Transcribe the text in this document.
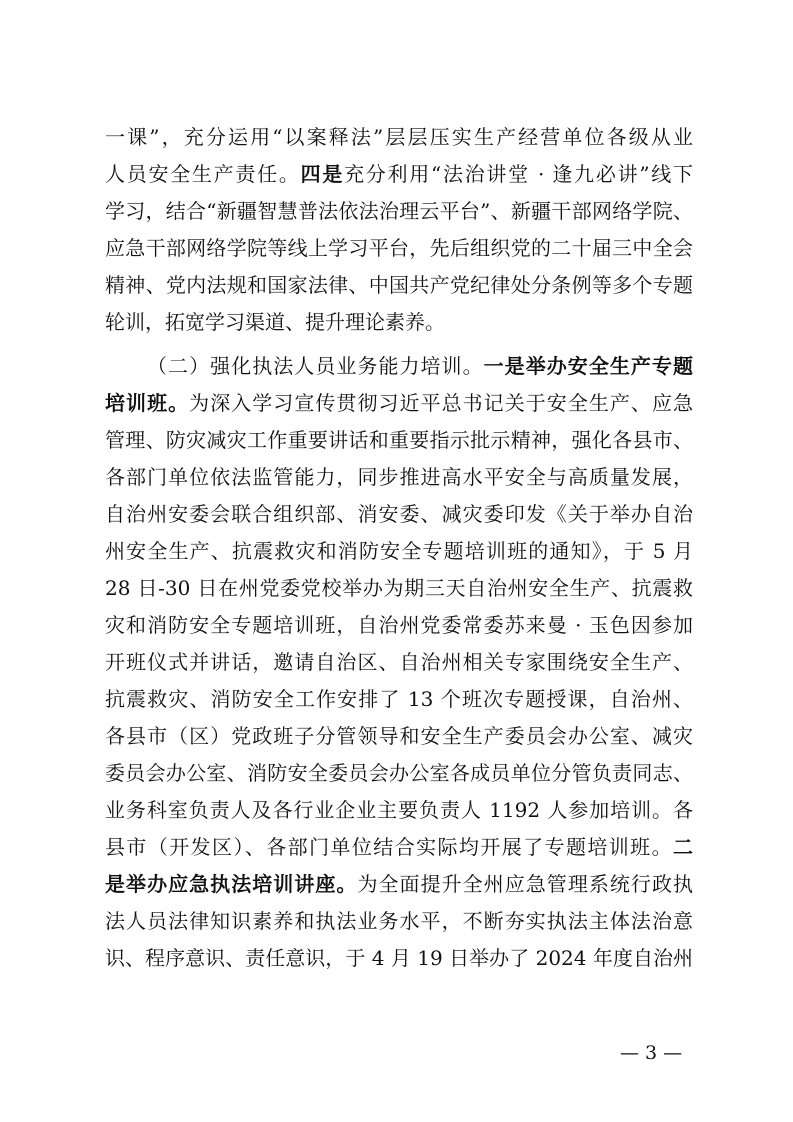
一课”，充分运用“以案释法”层层压实生产经营单位各级从业
人员安全生产责任。四是充分利用“法治讲堂 · 逢九必讲”线下
学习，结合“新疆智慧普法依法治理云平台”、新疆干部网络学院、
应急干部网络学院等线上学习平台，先后组织党的二十届三中全会
精神、党内法规和国家法律、中国共产党纪律处分条例等多个专题
轮训，拓宽学习渠道、提升理论素养。
（二）强化执法人员业务能力培训。一是举办安全生产专题
培训班。为深入学习宣传贯彻习近平总书记关于安全生产、应急
管理、防灾减灾工作重要讲话和重要指示批示精神，强化各县市、
各部门单位依法监管能力，同步推进高水平安全与高质量发展，
自治州安委会联合组织部、消安委、减灾委印发《关于举办自治
州安全生产、抗震救灾和消防安全专题培训班的通知》，于 5 月
28 日-30 日在州党委党校举办为期三天自治州安全生产、抗震救
灾和消防安全专题培训班，自治州党委常委苏来曼 · 玉色因参加
开班仪式并讲话，邀请自治区、自治州相关专家围绕安全生产、
抗震救灾、消防安全工作安排了 13 个班次专题授课，自治州、
各县市（区）党政班子分管领导和安全生产委员会办公室、减灾
委员会办公室、消防安全委员会办公室各成员单位分管负责同志、
业务科室负责人及各行业企业主要负责人 1192 人参加培训。各
县市（开发区）、各部门单位结合实际均开展了专题培训班。二
是举办应急执法培训讲座。为全面提升全州应急管理系统行政执
法人员法律知识素养和执法业务水平，不断夯实执法主体法治意
识、程序意识、责任意识，于 4 月 19 日举办了 2024 年度自治州
— 3 —
